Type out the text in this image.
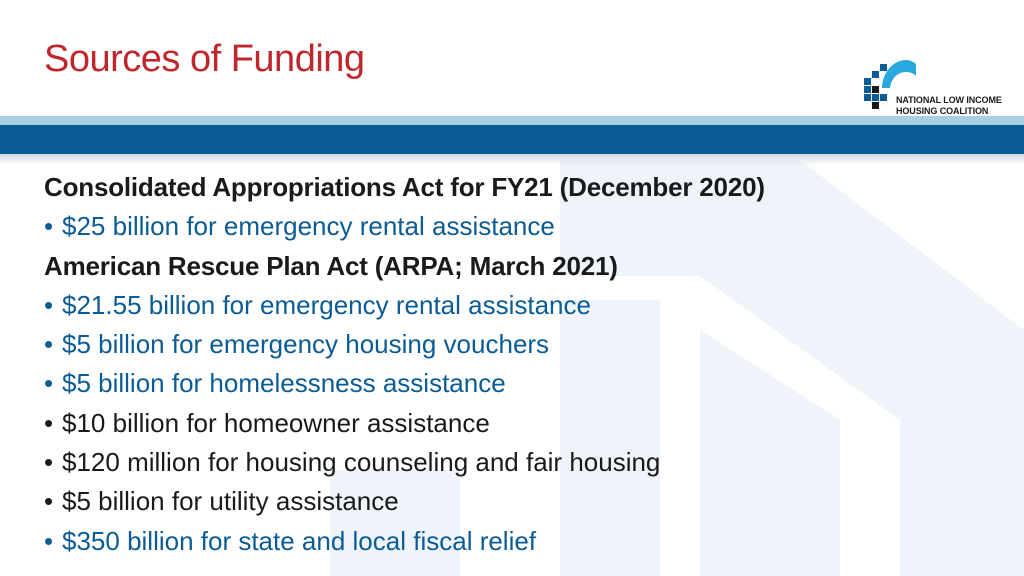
Sources of Funding
NATIONAL LOW INCOME
HOUSING COALITION
Consolidated Appropriations Act for FY21 (December 2020)
• $25 billion for emergency rental assistance
American Rescue Plan Act (ARPA; March 2021)
• $21.55 billion for emergency rental assistance
• $5 billion for emergency housing vouchers
• $5 billion for homelessness assistance
• $10 billion for homeowner assistance
• $120 million for housing counseling and fair housing
• $5 billion for utility assistance
• $350 billion for state and local fiscal relief
